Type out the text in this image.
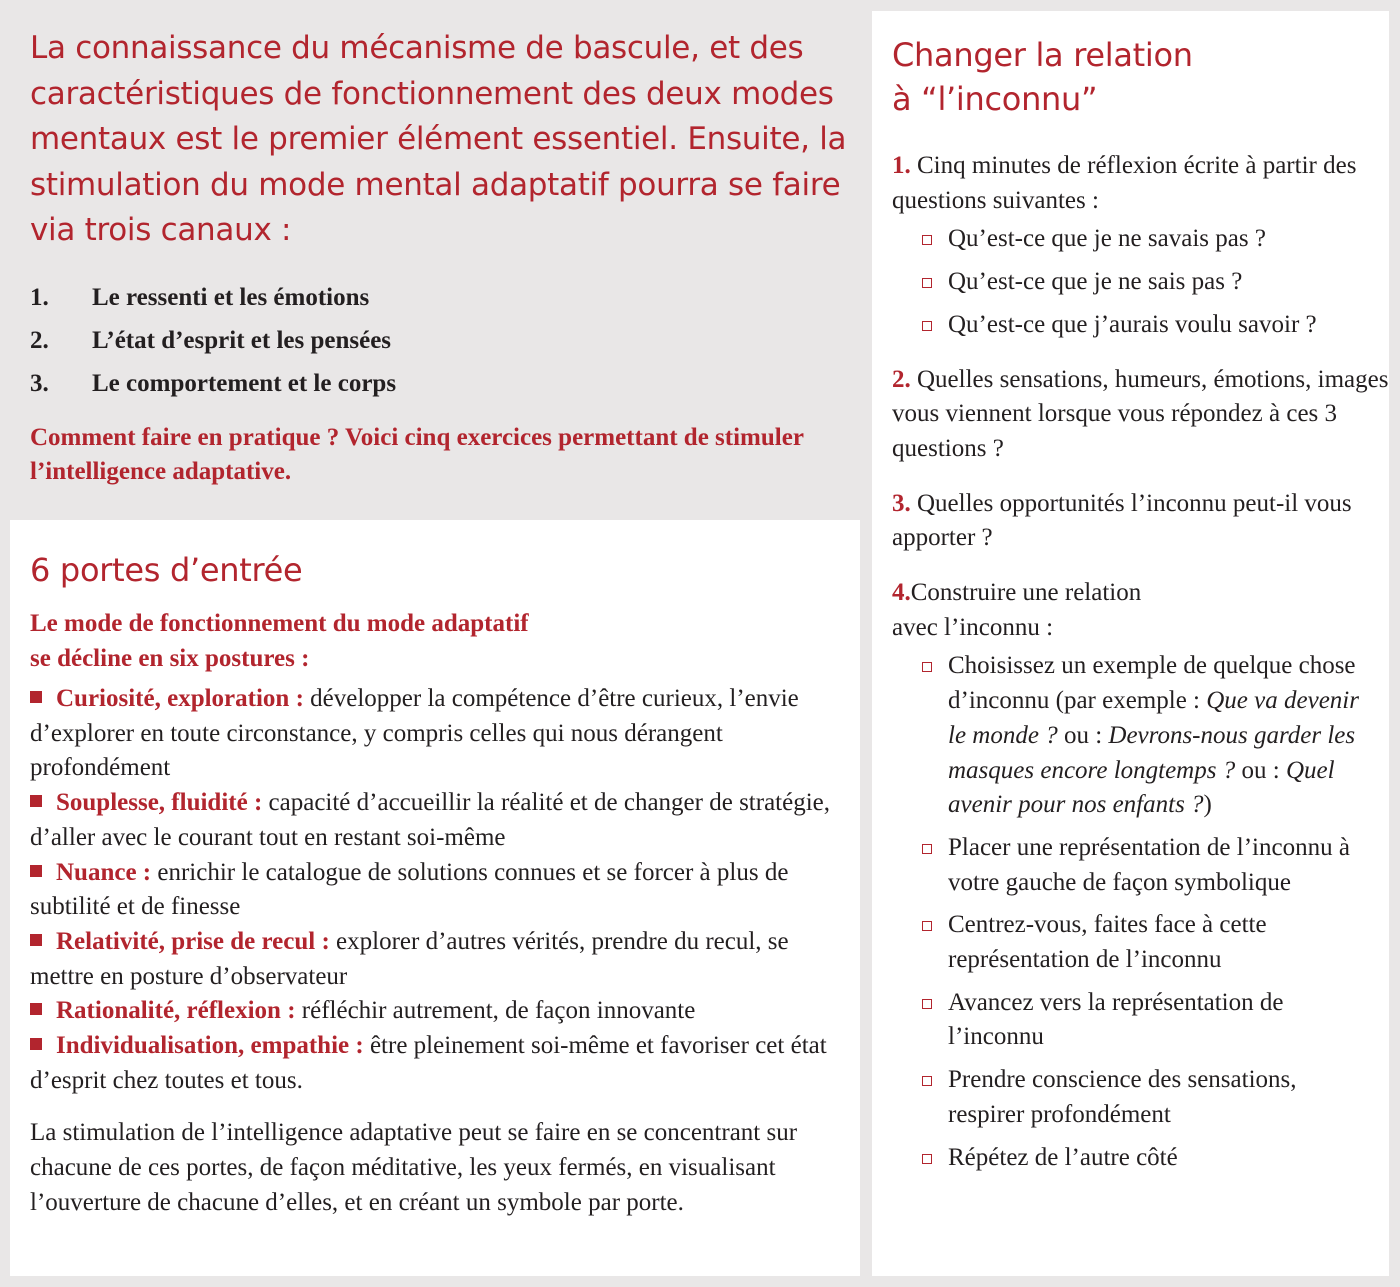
La connaissance du mécanisme de bascule, et des caractéristiques de fonctionnement des deux modes mentaux est le premier élément essentiel. Ensuite, la stimulation du mode mental adaptatif pourra se faire via trois canaux :

1.	Le ressenti et les émotions
2.	L’état d’esprit et les pensées
3.	Le comportement et le corps

Comment faire en pratique ? Voici cinq exercices permettant de stimuler l’intelligence adaptative.

6 portes d’entrée

Le mode de fonctionnement du mode adaptatif
se décline en six postures :

Curiosité, exploration : développer la compétence d’être curieux, l’envie d’explorer en toute circonstance, y compris celles qui nous dérangent profondément

Souplesse, fluidité : capacité d’accueillir la réalité et de changer de stratégie, d’aller avec le courant tout en restant soi-même

Nuance : enrichir le catalogue de solutions connues et se forcer à plus de subtilité et de finesse

Relativité, prise de recul : explorer d’autres vérités, prendre du recul, se mettre en posture d’observateur

Rationalité, réflexion : réfléchir autrement, de façon innovante

Individualisation, empathie : être pleinement soi-même et favoriser cet état d’esprit chez toutes et tous.

La stimulation de l’intelligence adaptative peut se faire en se concentrant sur chacune de ces portes, de façon méditative, les yeux fermés, en visualisant l’ouverture de chacune d’elles, et en créant un symbole par porte.

Changer la relation
à “l’inconnu”

1. Cinq minutes de réflexion écrite à partir des questions suivantes :

Qu’est-ce que je ne savais pas ?
Qu’est-ce que je ne sais pas ?
Qu’est-ce que j’aurais voulu savoir ?

2. Quelles sensations, humeurs, émotions, images vous viennent lorsque vous répondez à ces 3 questions ?

3. Quelles opportunités l’inconnu peut-il vous apporter ?

4.Construire une relation
avec l’inconnu :

Choisissez un exemple de quelque chose d’inconnu (par exemple : Que va devenir le monde ? ou : Devrons-nous garder les masques encore longtemps ? ou : Quel avenir pour nos enfants ?)
Placer une représentation de l’inconnu à votre gauche de façon symbolique
Centrez-vous, faites face à cette représentation de l’inconnu
Avancez vers la représentation de l’inconnu
Prendre conscience des sensations, respirer profondément
Répétez de l’autre côté
